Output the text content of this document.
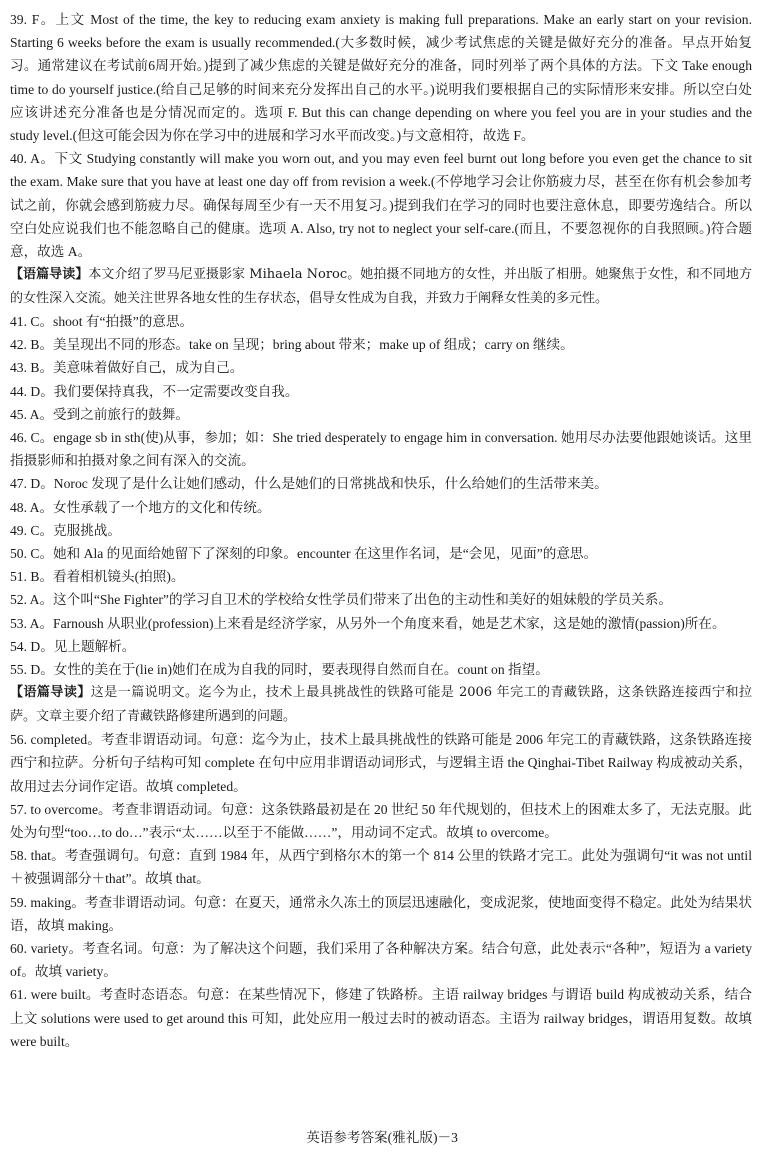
39. F。上文 Most of the time, the key to reducing exam anxiety is making full preparations. Make an early start on your revision. Starting 6 weeks before the exam is usually recommended.(大多数时候，减少考试焦虑的关键是做好充分的准备。早点开始复习。通常建议在考试前6周开始。)提到了减少焦虑的关键是做好充分的准备，同时列举了两个具体的方法。下文 Take enough time to do yourself justice.(给自己足够的时间来充分发挥出自己的水平。)说明我们要根据自己的实际情形来安排。所以空白处应该讲述充分准备也是分情况而定的。选项 F. But this can change depending on where you feel you are in your studies and the study level.(但这可能会因为你在学习中的进展和学习水平而改变。)与文意相符，故选 F。

40. A。下文 Studying constantly will make you worn out, and you may even feel burnt out long before you even get the chance to sit the exam. Make sure that you have at least one day off from revision a week.(不停地学习会让你筋疲力尽，甚至在你有机会参加考试之前，你就会感到筋疲力尽。确保每周至少有一天不用复习。)提到我们在学习的同时也要注意休息，即要劳逸结合。所以空白处应说我们也不能忽略自己的健康。选项 A. Also, try not to neglect your self-care.(而且，不要忽视你的自我照顾。)符合题意，故选 A。

【语篇导读】本文介绍了罗马尼亚摄影家 Mihaela Noroc。她拍摄不同地方的女性，并出版了相册。她聚焦于女性，和不同地方的女性深入交流。她关注世界各地女性的生存状态，倡导女性成为自我，并致力于阐释女性美的多元性。

41. C。shoot 有“拍摄”的意思。

42. B。美呈现出不同的形态。take on 呈现；bring about 带来；make up of 组成；carry on 继续。

43. B。美意味着做好自己，成为自己。

44. D。我们要保持真我，不一定需要改变自我。

45. A。受到之前旅行的鼓舞。

46. C。engage sb in sth(使)从事，参加；如：She tried desperately to engage him in conversation. 她用尽办法要他跟她谈话。这里指摄影师和拍摄对象之间有深入的交流。

47. D。Noroc 发现了是什么让她们感动，什么是她们的日常挑战和快乐，什么给她们的生活带来美。

48. A。女性承载了一个地方的文化和传统。

49. C。克服挑战。

50. C。她和 Ala 的见面给她留下了深刻的印象。encounter 在这里作名词，是“会见，见面”的意思。

51. B。看着相机镜头(拍照)。

52. A。这个叫“She Fighter”的学习自卫术的学校给女性学员们带来了出色的主动性和美好的姐妹般的学员关系。

53. A。Farnoush 从职业(profession)上来看是经济学家，从另外一个角度来看，她是艺术家，这是她的激情(passion)所在。

54. D。见上题解析。

55. D。女性的美在于(lie in)她们在成为自我的同时，要表现得自然而自在。count on 指望。

【语篇导读】这是一篇说明文。迄今为止，技术上最具挑战性的铁路可能是 2006 年完工的青藏铁路，这条铁路连接西宁和拉萨。文章主要介绍了青藏铁路修建所遇到的问题。

56. completed。考查非谓语动词。句意：迄今为止，技术上最具挑战性的铁路可能是 2006 年完工的青藏铁路，这条铁路连接西宁和拉萨。分析句子结构可知 complete 在句中应用非谓语动词形式，与逻辑主语 the Qinghai-Tibet Railway 构成被动关系，故用过去分词作定语。故填 completed。

57. to overcome。考查非谓语动词。句意：这条铁路最初是在 20 世纪 50 年代规划的，但技术上的困难太多了，无法克服。此处为句型“too…to do…”表示“太……以至于不能做……”，用动词不定式。故填 to overcome。

58. that。考查强调句。句意：直到 1984 年，从西宁到格尔木的第一个 814 公里的铁路才完工。此处为强调句“it was not until＋被强调部分＋that”。故填 that。

59. making。考查非谓语动词。句意：在夏天，通常永久冻土的顶层迅速融化，变成泥浆，使地面变得不稳定。此处为结果状语，故填 making。

60. variety。考查名词。句意：为了解决这个问题，我们采用了各种解决方案。结合句意，此处表示“各种”，短语为 a variety of。故填 variety。

61. were built。考查时态语态。句意：在某些情况下，修建了铁路桥。主语 railway bridges 与谓语 build 构成被动关系，结合上文 solutions were used to get around this 可知，此处应用一般过去时的被动语态。主语为 railway bridges，谓语用复数。故填 were built。

英语参考答案(雅礼版)－3
